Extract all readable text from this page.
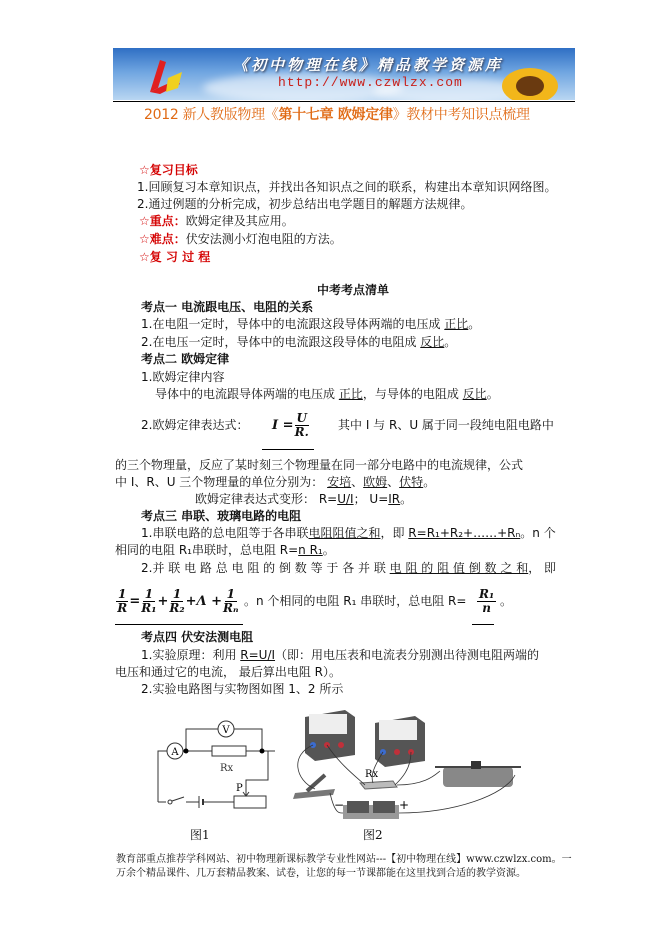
《初中物理在线》精品教学资源库
http://www.czwlzx.com
2012 新人教版物理《第十七章 欧姆定律》教材中考知识点梳理
☆复习目标
1.回顾复习本章知识点，并找出各知识点之间的联系，构建出本章知识网络图。
2.通过例题的分析完成，初步总结出电学题目的解题方法规律。
☆重点：欧姆定律及其应用。
☆难点：伏安法测小灯泡电阻的方法。
☆复 习 过 程
中考考点清单
考点一 电流跟电压、电阻的关系
1.在电阻一定时，导体中的电流跟这段导体两端的电压成 正比。
2.在电压一定时，导体中的电流跟这段导体的电阻成 反比。
考点二 欧姆定律
1.欧姆定律内容
导体中的电流跟导体两端的电压成 正比，与导体的电阻成 反比。
2.欧姆定律表达式：	其中 I 与 R、U 属于同一段纯电阻电路中
的三个物理量，反应了某时刻三个物理量在同一部分电路中的电流规律，公式
中 I、R、U 三个物理量的单位分别为： 安培、欧姆、伏特。
欧姆定律表达式变形： R=U/I； U=IR。
考点三 串联、玻璃电路的电阻
1.串联电路的总电阻等于各串联电阻阻值之和，即 R=R₁+R₂+……+Rₙ。n 个
相同的电阻 R₁串联时，总电阻 R=n R₁。
2.并 联 电 路 总 电 阻 的 倒 数 等 于 各 并 联 电 阻 的 阻 值 倒 数 之 和， 即
。n 个相同的电阻 R₁ 串联时，总电阻 R=	。
考点四 伏安法测电阻
1.实验原理：利用 R=U/I（即：用电压表和电流表分别测出待测电阻两端的
电压和通过它的电流， 最后算出电阻 R）。
2.实验电路图与实物图如图 1、2 所示
$I = \frac{U}{R.}$
$\frac{1}{R} = \frac{1}{\text{R₁}} + \frac{1}{\text{R₂}} +\Lambda + \frac{1}{\text{Rₙ}}$	$\frac{\text{R₁}}{n}$
A
V
Rx
P
图1
Rx
−	+
图2
教育部重点推荐学科网站、初中物理新课标教学专业性网站---【初中物理在线】www.czwlzx.com。一万余个精品课件、几万套精品教案、试卷，让您的每一节课都能在这里找到合适的教学资源。
